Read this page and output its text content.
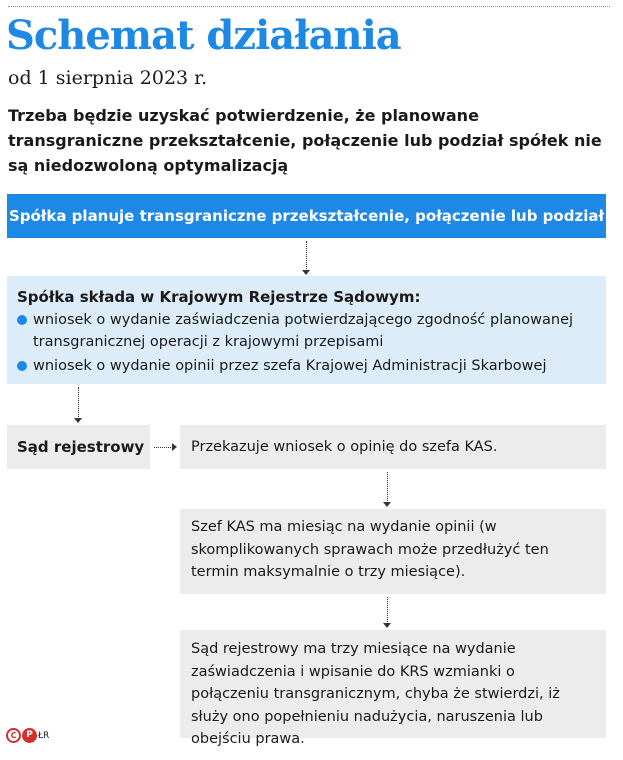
Schemat działania
od 1 sierpnia 2023 r.

Trzeba będzie uzyskać potwierdzenie, że planowane transgraniczne przekształcenie, połączenie lub podział spółek nie są niedozwoloną optymalizacją

Spółka planuje transgraniczne przekształcenie, połączenie lub podział

Spółka składa w Krajowym Rejestrze Sądowym:

wniosek o wydanie zaświadczenia potwierdzającego zgodność planowanej transgranicznej operacji z krajowymi przepisami
wniosek o wydanie opinii przez szefa Krajowej Administracji Skarbowej
Sąd rejestrowy	Przekazuje wniosek o opinię do szefa KAS.
Szef KAS ma miesiąc na wydanie opinii (w skomplikowanych sprawach może przedłużyć ten termin maksymalnie o trzy miesiące).
Sąd rejestrowy ma trzy miesiące na wydanie zaświadczenia i wpisanie do KRS wzmianki o połączeniu transgranicznym, chyba że stwierdzi, iż służy ono popełnieniu nadużycia, naruszenia lub obejściu prawa.
C	P ŁR
